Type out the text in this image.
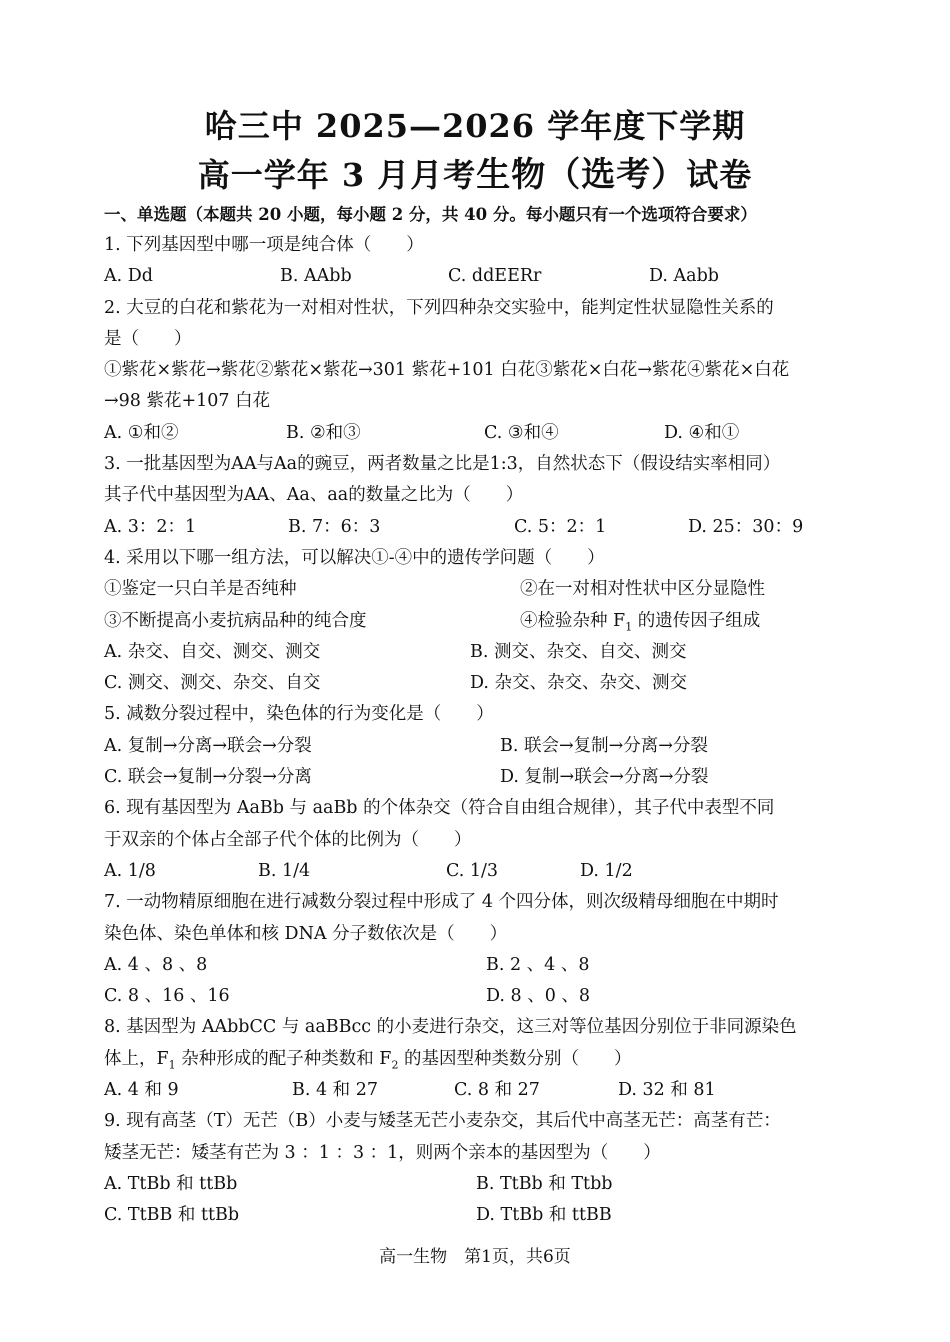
哈三中 2025—2026 学年度下学期
高一学年 3 月月考生物（选考）试卷
一、单选题（本题共 20 小题，每小题 2 分，共 40 分。每小题只有一个选项符合要求）
1. 下列基因型中哪一项是纯合体（　　）
A. Dd	B. AAbb	C. ddEERr	D. Aabb
2. 大豆的白花和紫花为一对相对性状，下列四种杂交实验中，能判定性状显隐性关系的
是（　　）
①紫花×紫花→紫花②紫花×紫花→301 紫花+101 白花③紫花×白花→紫花④紫花×白花
→98 紫花+107 白花
A. ①和②	B. ②和③	C. ③和④	D. ④和①
3. 一批基因型为AA与Aa的豌豆，两者数量之比是1:3，自然状态下（假设结实率相同）
其子代中基因型为AA、Aa、aa的数量之比为（　　）
A. 3：2：1	B. 7：6：3	C. 5：2：1	D. 25：30：9
4. 采用以下哪一组方法，可以解决①-④中的遗传学问题（　　）
①鉴定一只白羊是否纯种	②在一对相对性状中区分显隐性
③不断提高小麦抗病品种的纯合度	④检验杂种 $F_1$ 的遗传因子组成
A. 杂交、自交、测交、测交	B. 测交、杂交、自交、测交
C. 测交、测交、杂交、自交	D. 杂交、杂交、杂交、测交
5. 减数分裂过程中，染色体的行为变化是（　　）
A. 复制→分离→联会→分裂	B. 联会→复制→分离→分裂
C. 联会→复制→分裂→分离	D. 复制→联会→分离→分裂
6. 现有基因型为 AaBb 与 aaBb 的个体杂交（符合自由组合规律），其子代中表型不同
于双亲的个体占全部子代个体的比例为（　　）
A. 1/8	B. 1/4	C. 1/3	D. 1/2
7. 一动物精原细胞在进行减数分裂过程中形成了 4 个四分体，则次级精母细胞在中期时
染色体、染色单体和核 DNA 分子数依次是（　　）
A. 4 、8 、8	B. 2 、4 、8
C. 8 、16 、16	D. 8 、0 、8
8. 基因型为 AAbbCC 与 aaBBcc 的小麦进行杂交，这三对等位基因分别位于非同源染色
体上，$F_1$ 杂种形成的配子种类数和 $F_2$ 的基因型种类数分别（　　）
A. 4 和 9	B. 4 和 27	C. 8 和 27	D. 32 和 81
9. 现有高茎（T）无芒（B）小麦与矮茎无芒小麦杂交，其后代中高茎无芒：高茎有芒：
矮茎无芒：矮茎有芒为 3 ：1 ：3 ：1，则两个亲本的基因型为（　　）
A. TtBb 和 ttBb	B. TtBb 和 Ttbb
C. TtBB 和 ttBb	D. TtBb 和 ttBB
高一生物　第1页，共6页
